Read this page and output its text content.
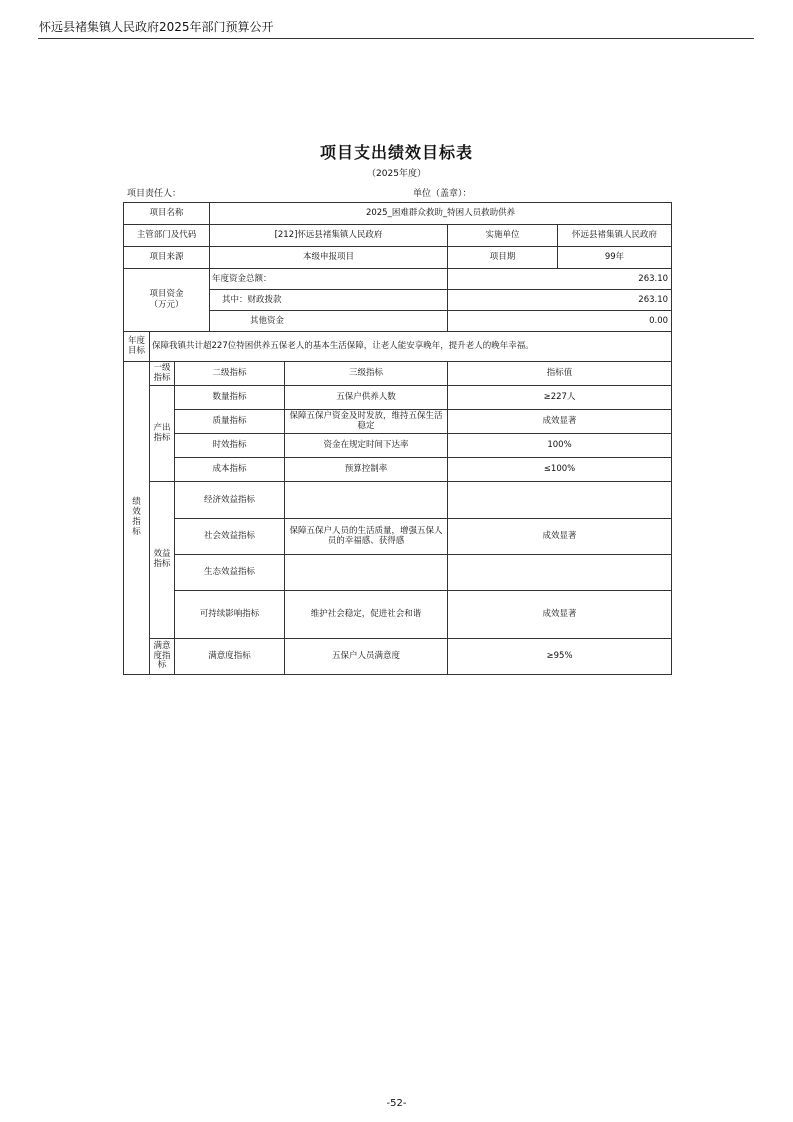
怀远县褚集镇人民政府2025年部门预算公开
项目支出绩效目标表
（2025年度）
项目责任人：	单位（盖章）：
项目名称			2025_困难群众救助_特困人员救助供养			
主管部门及代码			[212]怀远县褚集镇人民政府		实施单位	怀远县褚集镇人民政府
项目来源			本级申报项目		项目期	99年
项目资金
（万元）			年度资金总额：		263.10	
			其中：财政拨款		263.10	
			其他资金		0.00	
年度目标	保障我镇共计超227位特困供养五保老人的基本生活保障，让老人能安享晚年，提升老人的晚年幸福。					
绩效指标	一级指标	二级指标		三级指标	指标值	
	产出指标	数量指标		五保户供养人数	≥227人	
		质量指标		保障五保户资金及时发放，维持五保生活稳定	成效显著	
		时效指标		资金在规定时间下达率	100%	
		成本指标		预算控制率	≤100%	
	效益指标	经济效益指标				
		社会效益指标		保障五保户人员的生活质量，增强五保人员的幸福感、获得感	成效显著	
		生态效益指标				
		可持续影响指标		维护社会稳定，促进社会和谐	成效显著	
	满意度指标	满意度指标		五保户人员满意度	≥95%	
-52-
